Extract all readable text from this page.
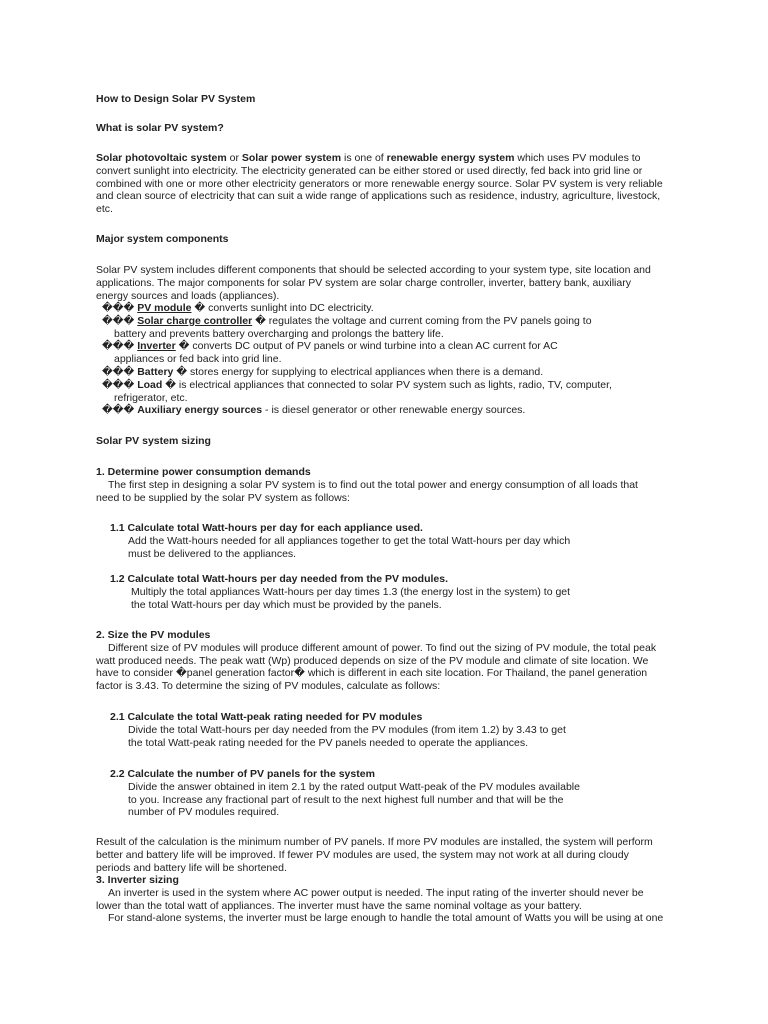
How to Design Solar PV System
What is solar PV system?
Solar photovoltaic system or Solar power system is one of renewable energy system which uses PV modules to
convert sunlight into electricity. The electricity generated can be either stored or used directly, fed back into grid line or
combined with one or more other electricity generators or more renewable energy source. Solar PV system is very reliable
and clean source of electricity that can suit a wide range of applications such as residence, industry, agriculture, livestock,
etc.
Major system components
Solar PV system includes different components that should be selected according to your system type, site location and
applications. The major components for solar PV system are solar charge controller, inverter, battery bank, auxiliary
energy sources and loads (appliances).
��� PV module � converts sunlight into DC electricity.
��� Solar charge controller � regulates the voltage and current coming from the PV panels going to
battery and prevents battery overcharging and prolongs the battery life.
��� Inverter � converts DC output of PV panels or wind turbine into a clean AC current for AC
appliances or fed back into grid line.
��� Battery � stores energy for supplying to electrical appliances when there is a demand.
��� Load � is electrical appliances that connected to solar PV system such as lights, radio, TV, computer,
refrigerator, etc.
��� Auxiliary energy sources - is diesel generator or other renewable energy sources.
Solar PV system sizing
1. Determine power consumption demands
The first step in designing a solar PV system is to find out the total power and energy consumption of all loads that
need to be supplied by the solar PV system as follows:
1.1 Calculate total Watt-hours per day for each appliance used.
Add the Watt-hours needed for all appliances together to get the total Watt-hours per day which
must be delivered to the appliances.
1.2 Calculate total Watt-hours per day needed from the PV modules.
Multiply the total appliances Watt-hours per day times 1.3 (the energy lost in the system) to get
the total Watt-hours per day which must be provided by the panels.
2. Size the PV modules
Different size of PV modules will produce different amount of power. To find out the sizing of PV module, the total peak
watt produced needs. The peak watt (Wp) produced depends on size of the PV module and climate of site location. We
have to consider �panel generation factor� which is different in each site location. For Thailand, the panel generation
factor is 3.43. To determine the sizing of PV modules, calculate as follows:
2.1 Calculate the total Watt-peak rating needed for PV modules
Divide the total Watt-hours per day needed from the PV modules (from item 1.2) by 3.43 to get
the total Watt-peak rating needed for the PV panels needed to operate the appliances.
2.2 Calculate the number of PV panels for the system
Divide the answer obtained in item 2.1 by the rated output Watt-peak of the PV modules available
to you. Increase any fractional part of result to the next highest full number and that will be the
number of PV modules required.
Result of the calculation is the minimum number of PV panels. If more PV modules are installed, the system will perform
better and battery life will be improved. If fewer PV modules are used, the system may not work at all during cloudy
periods and battery life will be shortened.
3. Inverter sizing
An inverter is used in the system where AC power output is needed. The input rating of the inverter should never be
lower than the total watt of appliances. The inverter must have the same nominal voltage as your battery.
For stand-alone systems, the inverter must be large enough to handle the total amount of Watts you will be using at one
